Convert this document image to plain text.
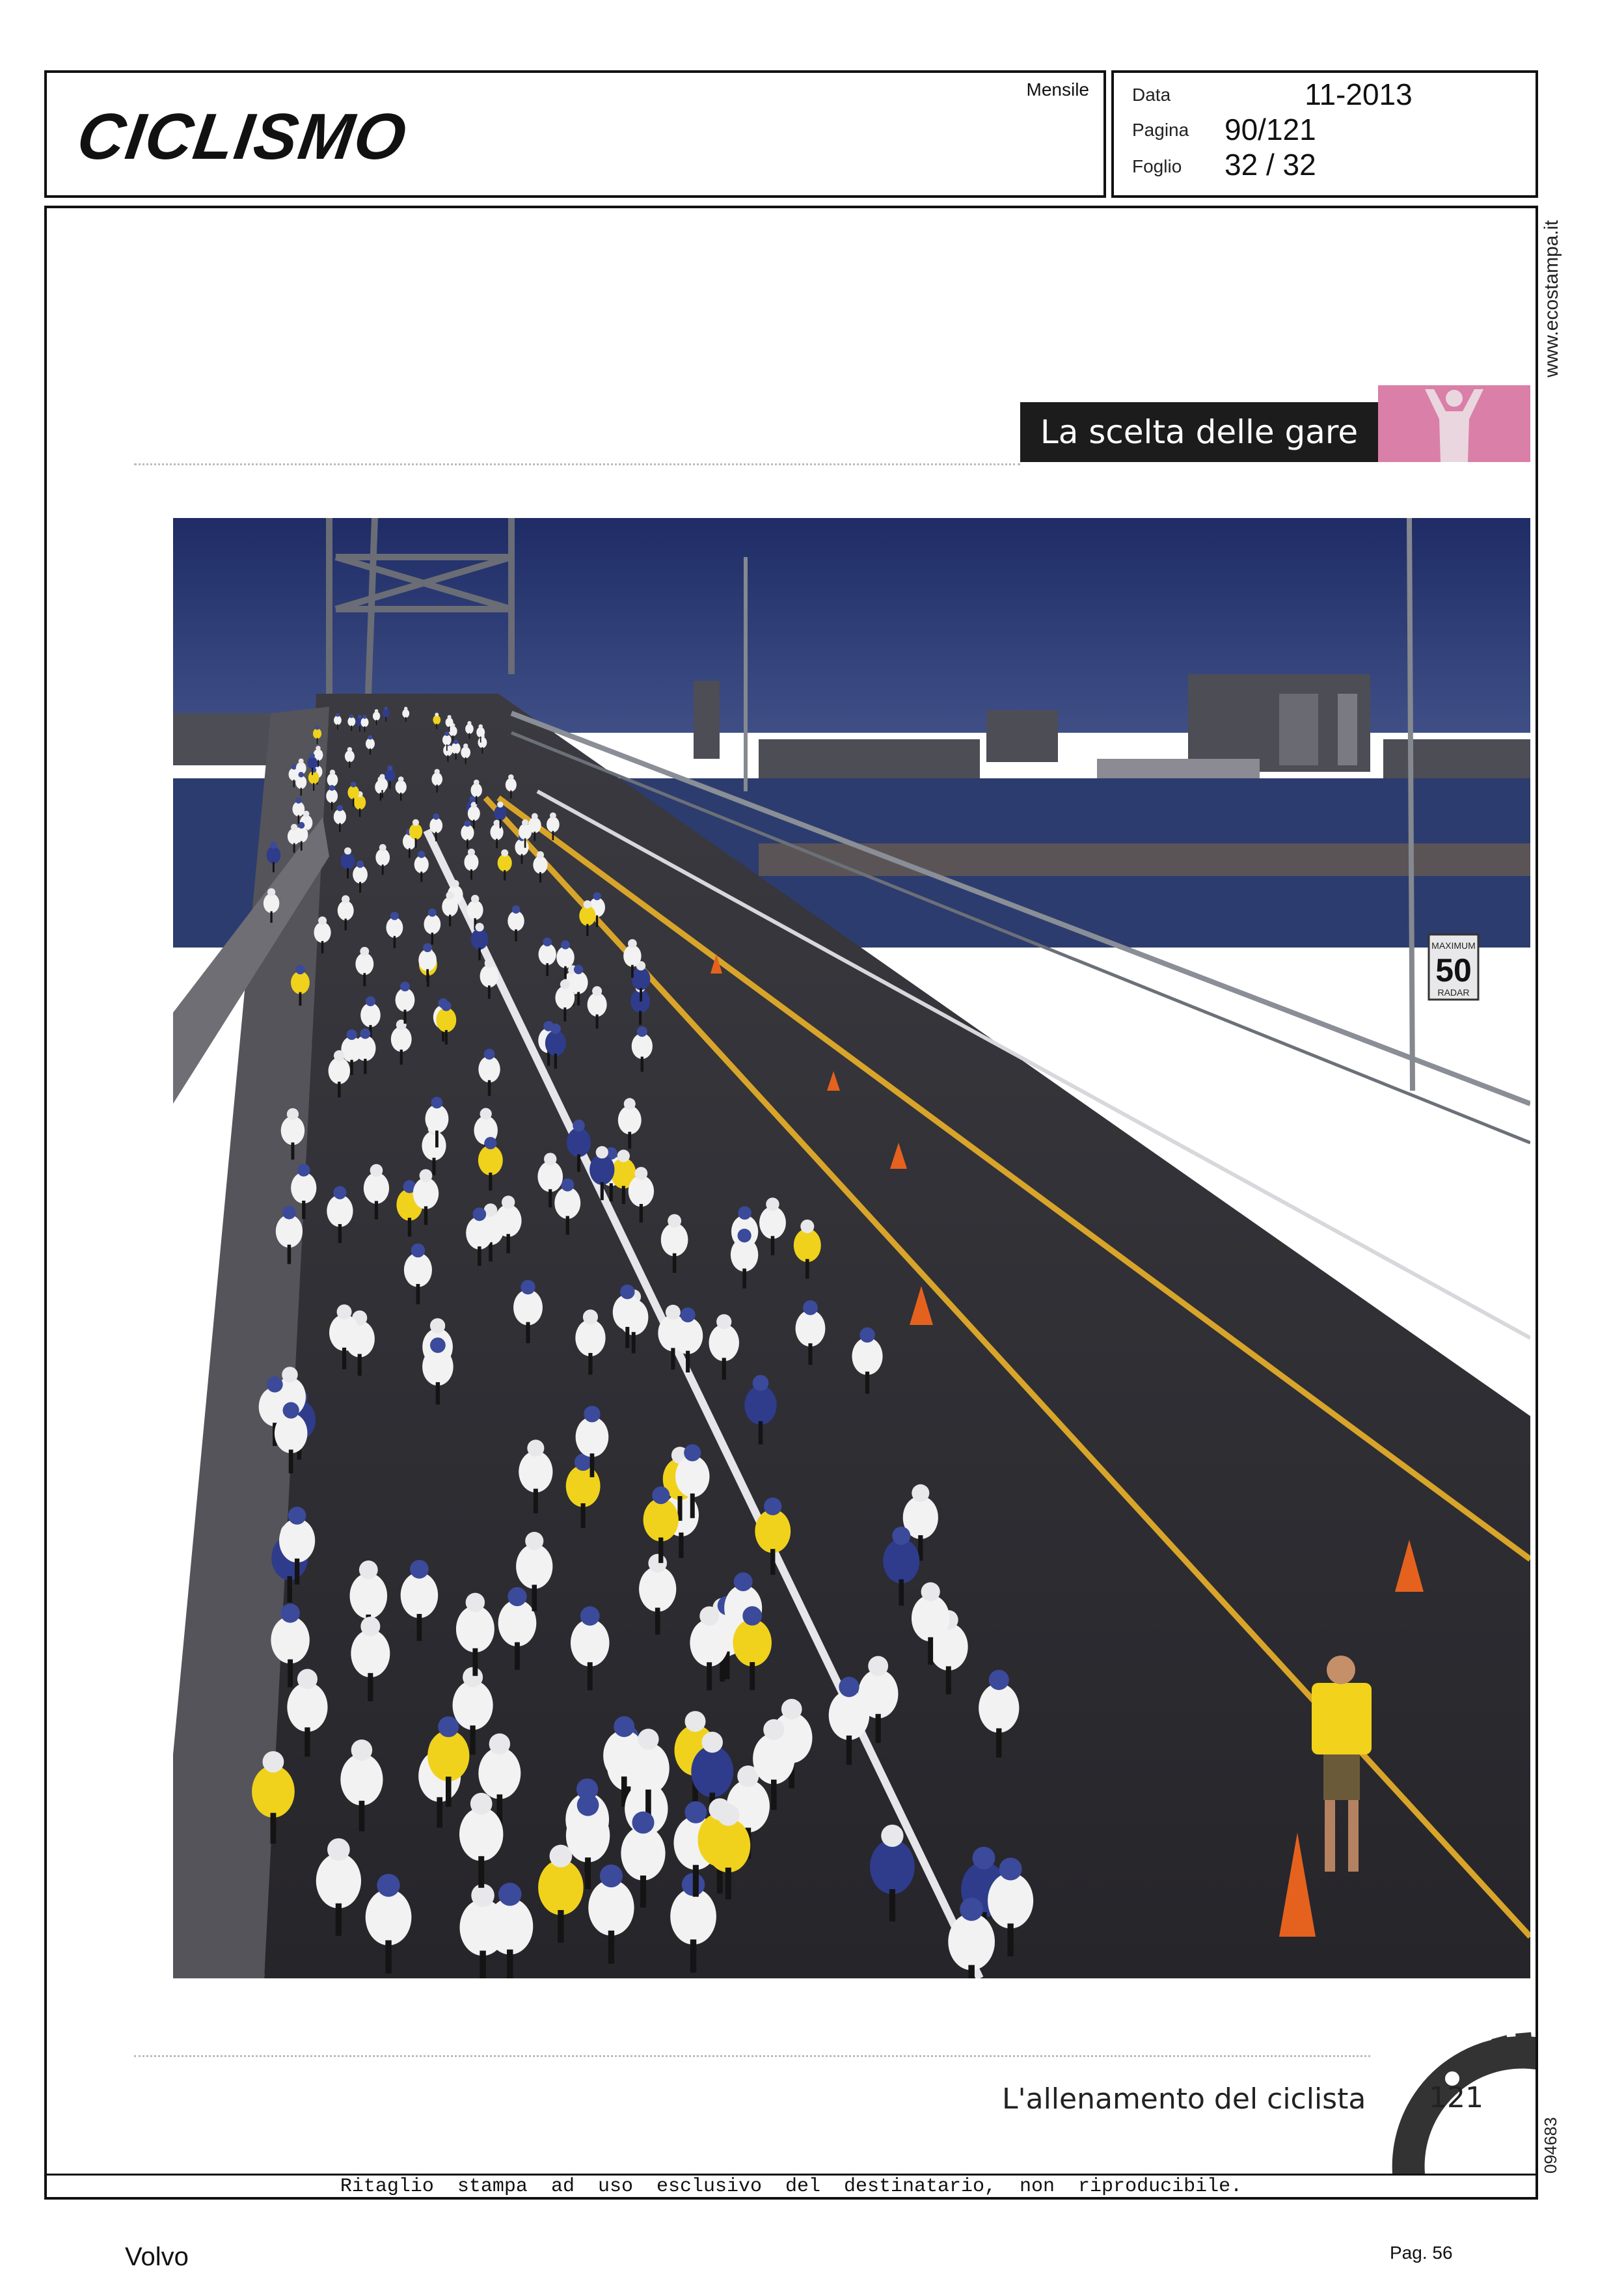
Mensile
CICLISMO
Data	11-2013
Pagina 90/121
Foglio 32 / 32
www.ecostampa.it
La scelta delle gare
MAXIMUM
50
RADAR
L'allenamento del ciclista 121
094683
Ritaglio stampa ad uso esclusivo del destinatario, non riproducibile.
Volvo	Pag. 56
